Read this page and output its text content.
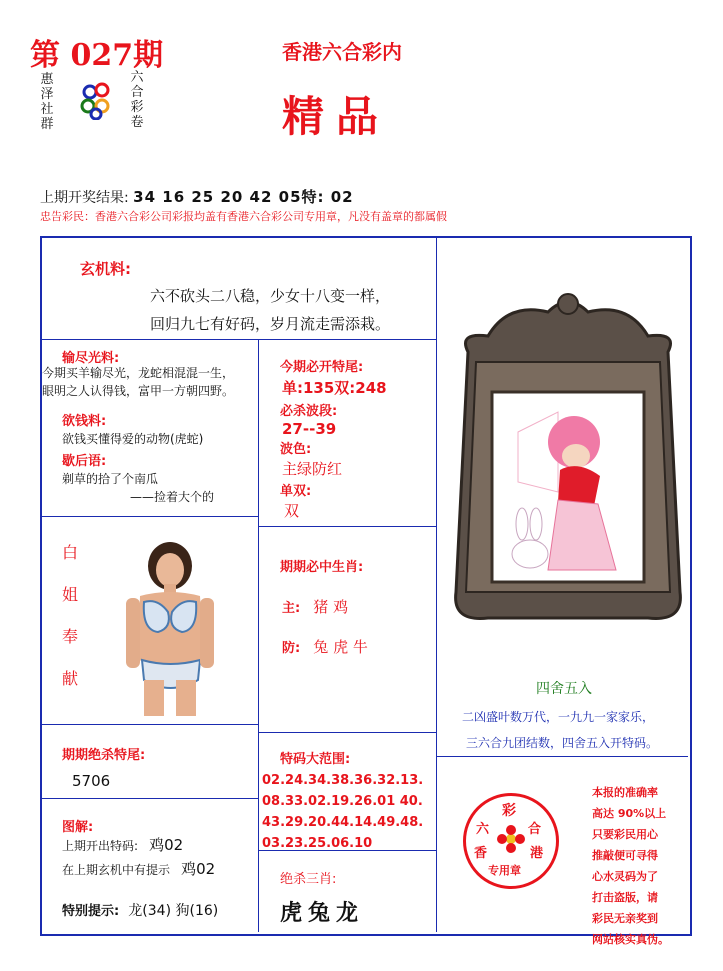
第 027期
惠泽社群
六合彩卷
香港六合彩内
精品
上期开奖结果: 34 16 25 20 42 05特: 02
忠告彩民：香港六合彩公司彩报均盖有香港六合彩公司专用章，凡没有盖章的都属假
玄机料:
六不砍头二八稳，少女十八变一样，
回归九七有好码，岁月流走需添栽。
输尽光料:
今期买羊输尽光，龙蛇相混混一生，
眼明之人认得钱，富甲一方朝四野。
欲钱料:
欲钱买懂得爱的动物(虎蛇)
歇后语:
剃草的拾了个南瓜
——捡着大个的
今期必开特尾:
单:135双:248
必杀波段:
27--39
波色:
主绿防红
单双:
双
白
姐
奉
献
期期必中生肖:
主: 猪 鸡
防: 兔 虎 牛
四舍五入
二凶盛叶数万代，一九九一家家乐，
三六合九团结数，四舍五入开特码。
期期绝杀特尾:
5706
特码大范围:
02.24.34.38.36.32.13.
08.33.02.19.26.01 40.
43.29.20.44.14.49.48.
03.23.25.06.10
图解:
上期开出特码: 鸡02
在上期玄机中有提示 鸡02
特别提示: 龙(34) 狗(16)
绝杀三肖:
虎兔龙
彩
六	合
香	港
专用章
本报的准确率
高达 90%以上
只要彩民用心
推敲便可寻得
心水灵码为了
打击盗版，请
彩民无亲奖到
网站核实真伪。
